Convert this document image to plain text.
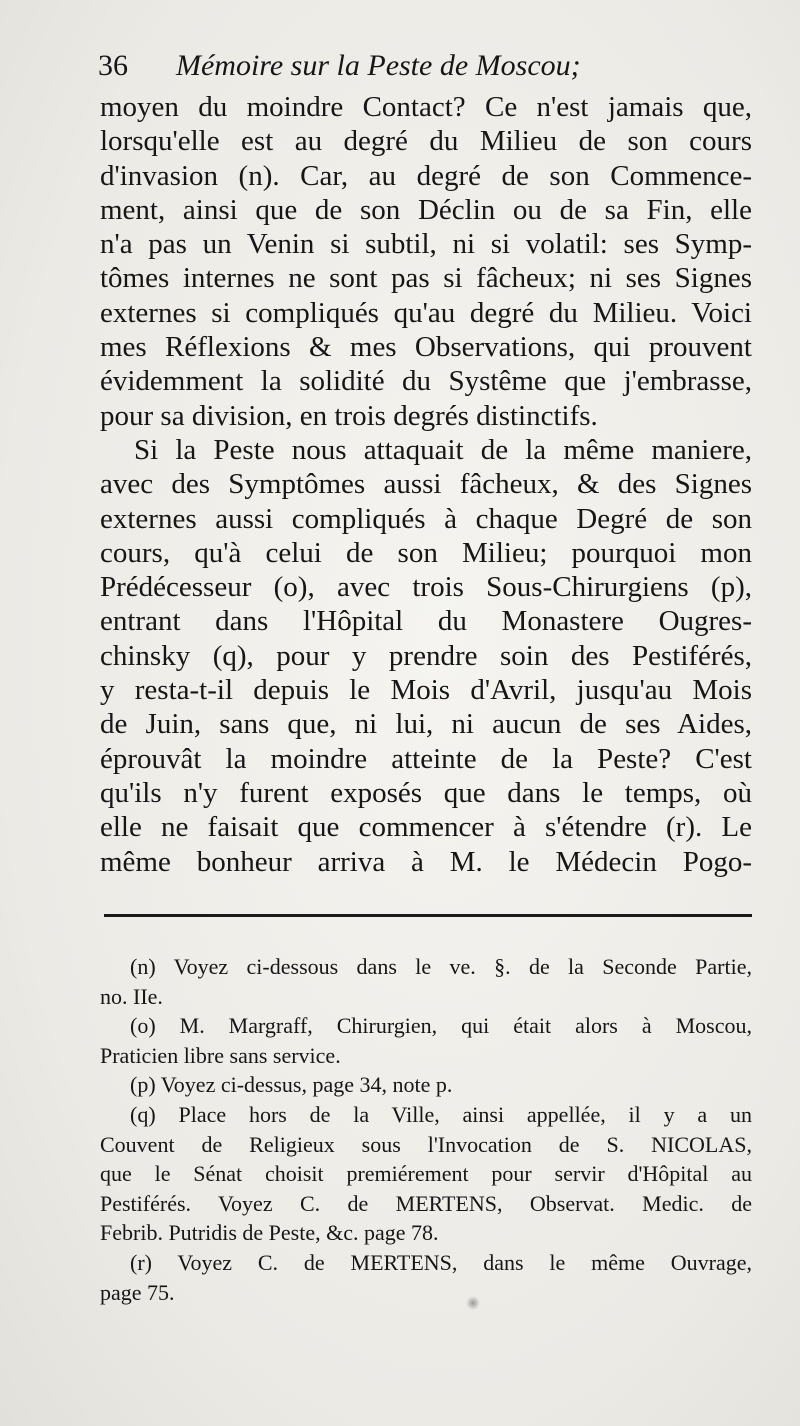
36 Mémoire sur la Peste de Moscou;
moyen du moindre Contact? Ce n'est jamais que,
lorsqu'elle est au degré du Milieu de son cours
d'invasion (n). Car, au degré de son Commence-
ment, ainsi que de son Déclin ou de sa Fin, elle
n'a pas un Venin si subtil, ni si volatil: ses Symp-
tômes internes ne sont pas si fâcheux; ni ses Signes
externes si compliqués qu'au degré du Milieu. Voici
mes Réflexions & mes Observations, qui prouvent
évidemment la solidité du Systême que j'embrasse,
pour sa division, en trois degrés distinctifs.
Si la Peste nous attaquait de la même maniere,
avec des Symptômes aussi fâcheux, & des Signes
externes aussi compliqués à chaque Degré de son
cours, qu'à celui de son Milieu; pourquoi mon
Prédécesseur (o), avec trois Sous-Chirurgiens (p),
entrant dans l'Hôpital du Monastere Ougres-
chinsky (q), pour y prendre soin des Pestiférés,
y resta-t-il depuis le Mois d'Avril, jusqu'au Mois
de Juin, sans que, ni lui, ni aucun de ses Aides,
éprouvât la moindre atteinte de la Peste? C'est
qu'ils n'y furent exposés que dans le temps, où
elle ne faisait que commencer à s'étendre (r). Le
même bonheur arriva à M. le Médecin Pogo-
(n) Voyez ci-dessous dans le ve. §. de la Seconde Partie,
no. IIe.
(o) M. Margraff, Chirurgien, qui était alors à Moscou,
Praticien libre sans service.
(p) Voyez ci-dessus, page 34, note p.
(q) Place hors de la Ville, ainsi appellée, il y a un
Couvent de Religieux sous l'Invocation de S. NICOLAS,
que le Sénat choisit premiérement pour servir d'Hôpital au
Pestiférés. Voyez C. de MERTENS, Observat. Medic. de
Febrib. Putridis de Peste, &c. page 78.
(r) Voyez C. de MERTENS, dans le même Ouvrage,
page 75.
